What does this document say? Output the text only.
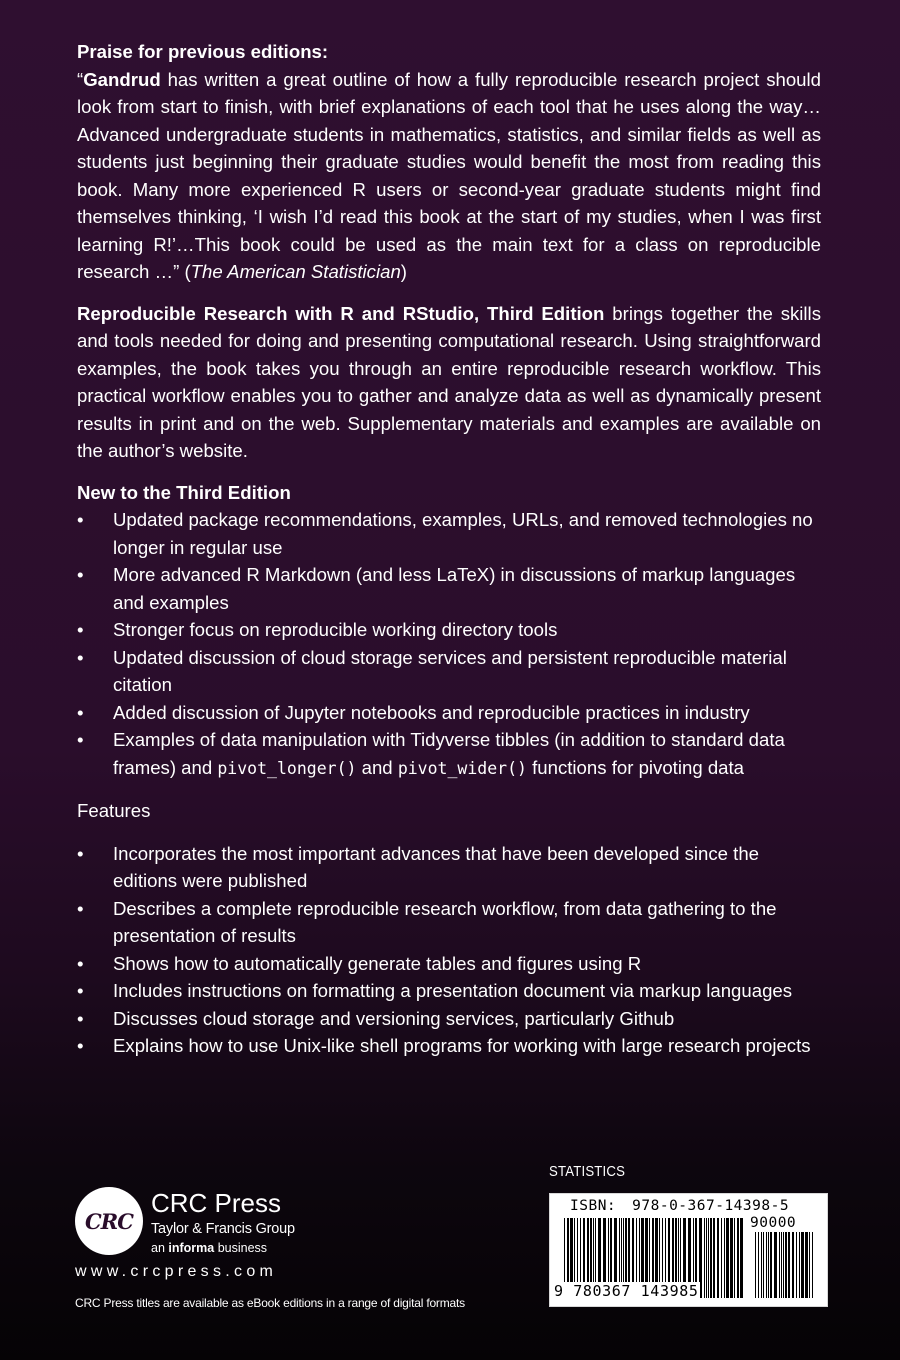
Praise for previous editions:

“Gandrud has written a great outline of how a fully reproducible research project should look from start to finish, with brief explanations of each tool that he uses along the way… Advanced undergraduate students in mathematics, statistics, and similar fields as well as students just beginning their graduate studies would benefit the most from reading this book. Many more experienced R users or second-year graduate students might find themselves thinking, ‘I wish I’d read this book at the start of my studies, when I was first learning R!’…This book could be used as the main text for a class on reproducible research …” (The American Statistician)

Reproducible Research with R and RStudio, Third Edition brings together the skills and tools needed for doing and presenting computational research. Using straightforward examples, the book takes you through an entire reproducible research workflow. This practical workflow enables you to gather and analyze data as well as dynamically present results in print and on the web. Supplementary materials and examples are available on the author’s website.

New to the Third Edition
• Updated package recommendations, examples, URLs, and removed technologies no longer in regular use
• More advanced R Markdown (and less LaTeX) in discussions of markup languages and examples
• Stronger focus on reproducible working directory tools
• Updated discussion of cloud storage services and persistent reproducible material citation
• Added discussion of Jupyter notebooks and reproducible practices in industry
• Examples of data manipulation with Tidyverse tibbles (in addition to standard data frames) and pivot_longer() and pivot_wider() functions for pivoting data
Features
• Incorporates the most important advances that have been developed since the editions were published
• Describes a complete reproducible research workflow, from data gathering to the presentation of results
• Shows how to automatically generate tables and figures using R
• Includes instructions on formatting a presentation document via markup languages
• Discusses cloud storage and versioning services, particularly Github
• Explains how to use Unix-like shell programs for working with large research projects
CRC
CRC Press
Taylor & Francis Group
an informa business
www.crcpress.com
CRC Press titles are available as eBook editions in a range of digital formats
STATISTICS
ISBN: 978-0-367-14398-5
90000
9 780367 143985
